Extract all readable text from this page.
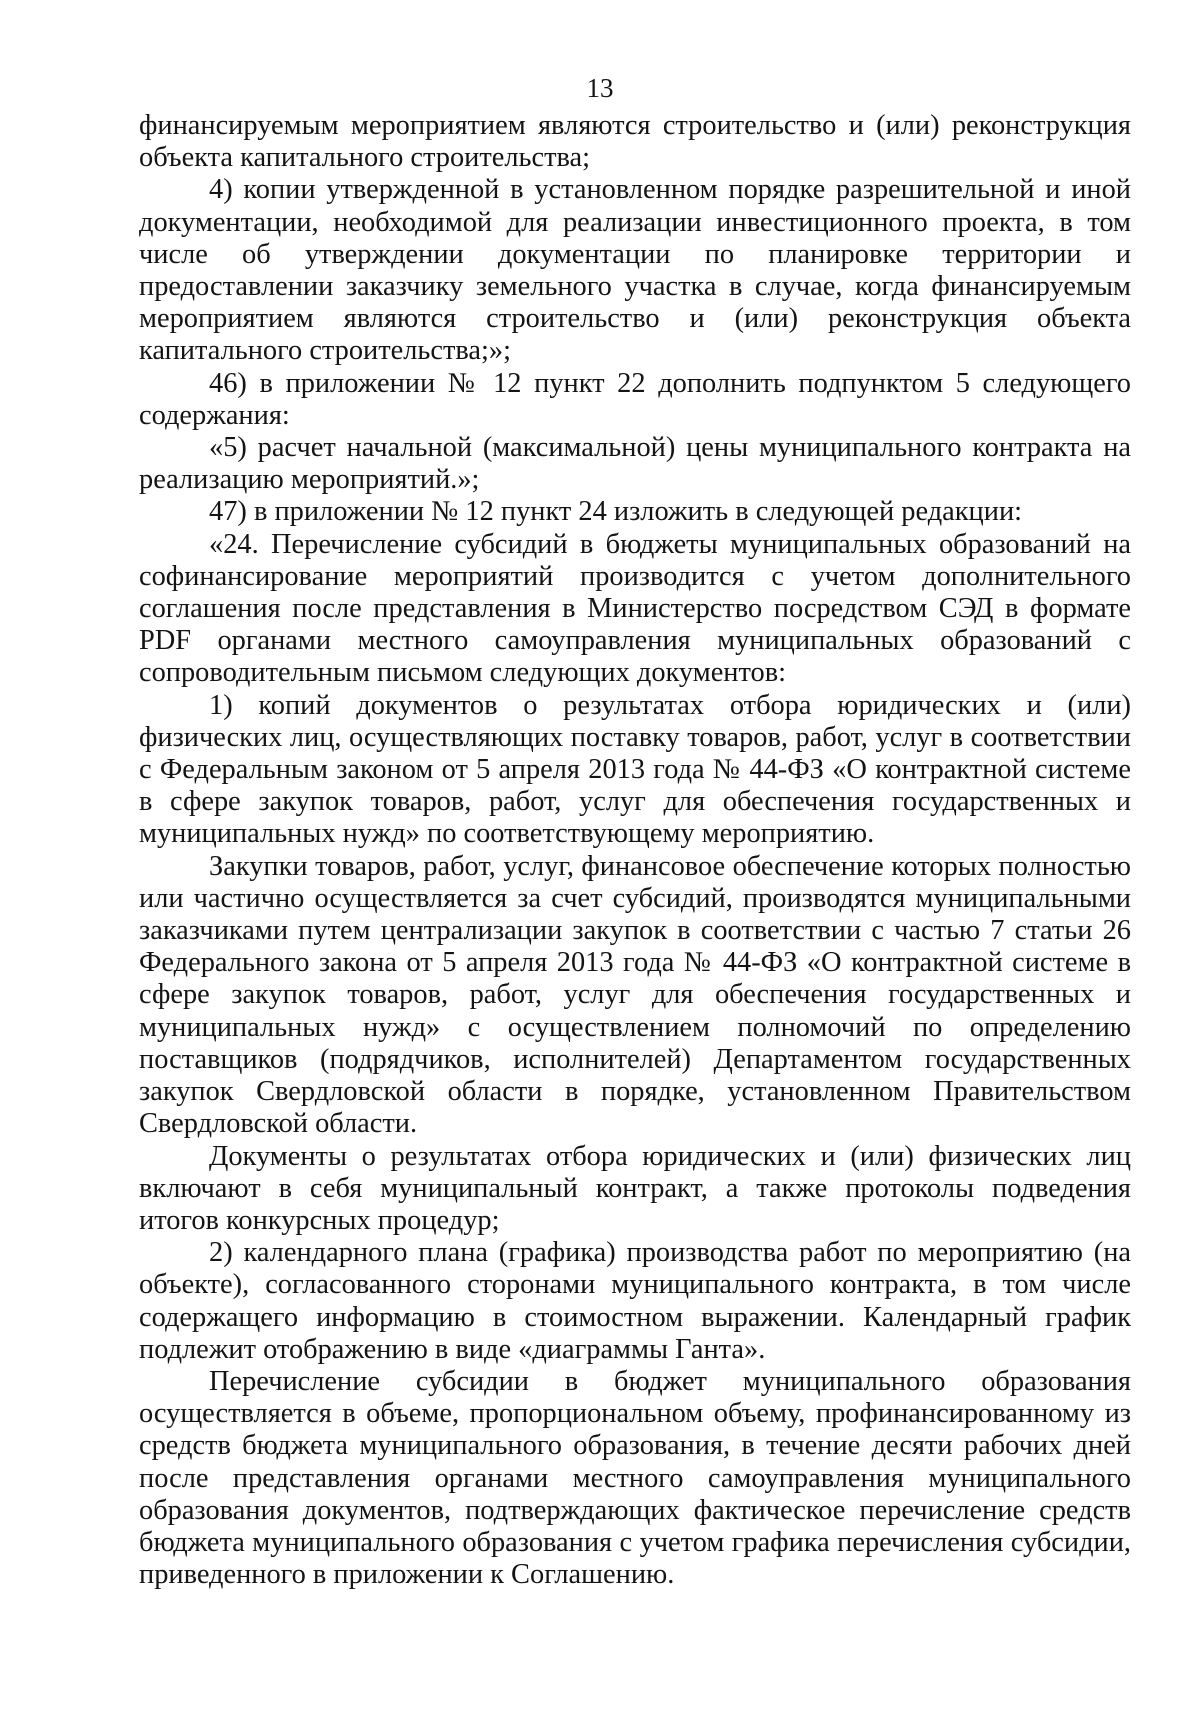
13

финансируемым мероприятием являются строительство и (или) реконструкция объекта капитального строительства;

4) копии утвержденной в установленном порядке разрешительной и иной документации, необходимой для реализации инвестиционного проекта, в том числе об утверждении документации по планировке территории и предоставлении заказчику земельного участка в случае, когда финансируемым мероприятием являются строительство и (или) реконструкция объекта капитального строительства;»;

46) в приложении № 12 пункт 22 дополнить подпунктом 5 следующего содержания:

«5) расчет начальной (максимальной) цены муниципального контракта на реализацию мероприятий.»;

47) в приложении № 12 пункт 24 изложить в следующей редакции:

«24. Перечисление субсидий в бюджеты муниципальных образований на софинансирование мероприятий производится с учетом дополнительного соглашения после представления в Министерство посредством СЭД в формате PDF органами местного самоуправления муниципальных образований с сопроводительным письмом следующих документов:

1) копий документов о результатах отбора юридических и (или) физических лиц, осуществляющих поставку товаров, работ, услуг в соответствии с Федеральным законом от 5 апреля 2013 года № 44-ФЗ «О контрактной системе в сфере закупок товаров, работ, услуг для обеспечения государственных и муниципальных нужд» по соответствующему мероприятию.

Закупки товаров, работ, услуг, финансовое обеспечение которых полностью или частично осуществляется за счет субсидий, производятся муниципальными заказчиками путем централизации закупок в соответствии с частью 7 статьи 26 Федерального закона от 5 апреля 2013 года № 44-ФЗ «О контрактной системе в сфере закупок товаров, работ, услуг для обеспечения государственных и муниципальных нужд» с осуществлением полномочий по определению поставщиков (подрядчиков, исполнителей) Департаментом государственных закупок Свердловской области в порядке, установленном Правительством Свердловской области.

Документы о результатах отбора юридических и (или) физических лиц включают в себя муниципальный контракт, а также протоколы подведения итогов конкурсных процедур;

2) календарного плана (графика) производства работ по мероприятию (на объекте), согласованного сторонами муниципального контракта, в том числе содержащего информацию в стоимостном выражении. Календарный график подлежит отображению в виде «диаграммы Ганта».

Перечисление субсидии в бюджет муниципального образования осуществляется в объеме, пропорциональном объему, профинансированному из средств бюджета муниципального образования, в течение десяти рабочих дней после представления органами местного самоуправления муниципального образования документов, подтверждающих фактическое перечисление средств бюджета муниципального образования с учетом графика перечисления субсидии, приведенного в приложении к Соглашению.
